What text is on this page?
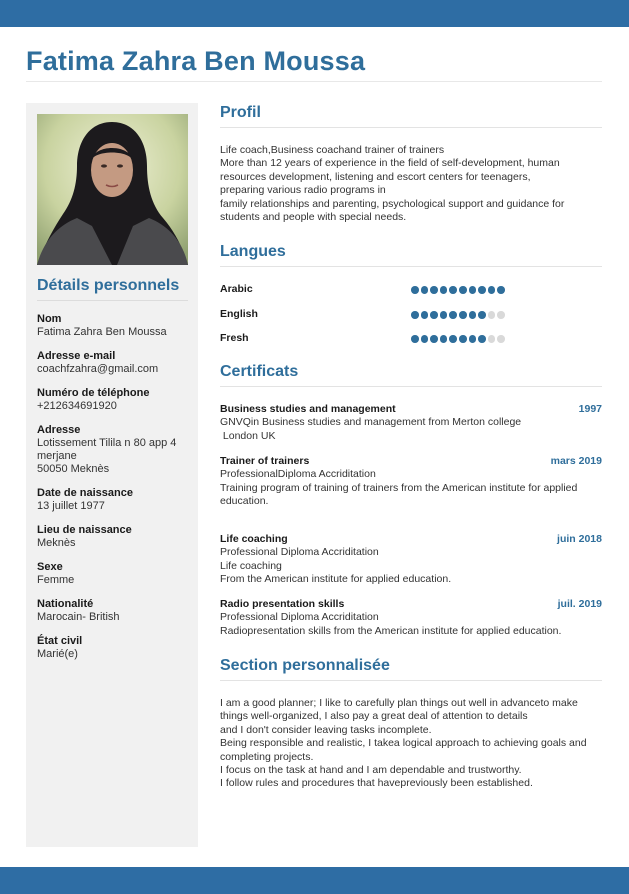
Fatima Zahra Ben Moussa
Détails personnels
Nom
Fatima Zahra Ben Moussa
Adresse e-mail
coachfzahra@gmail.com
Numéro de téléphone
+212634691920
Adresse
Lotissement Tilila n 80 app 4
merjane
50050 Meknès
Date de naissance
13 juillet 1977
Lieu de naissance
Meknès
Sexe
Femme
Nationalité
Marocain- British
État civil
Marié(e)
Profil
Life coach,Business coachand trainer of trainers
More than 12 years of experience in the field of self-development, human
resources development, listening and escort centers for teenagers,
preparing various radio programs in
family relationships and parenting, psychological support and guidance for
students and people with special needs.
Langues
Arabic
English
Fresh
Certificats
Business studies and management	1997
GNVQin Business studies and management from Merton college
London UK
Trainer of trainers	mars 2019
ProfessionalDiploma Accriditation
Training program of training of trainers from the American institute for applied
education.
Life coaching	juin 2018
Professional Diploma Accriditation
Life coaching
From the American institute for applied education.
Radio presentation skills	juil. 2019
Professional Diploma Accriditation
Radiopresentation skills from the American institute for applied education.
Section personnalisée
I am a good planner; I like to carefully plan things out well in advanceto make
things well-organized, I also pay a great deal of attention to details
and I don't consider leaving tasks incomplete.
Being responsible and realistic, I takea logical approach to achieving goals and
completing projects.
I focus on the task at hand and I am dependable and trustworthy.
I follow rules and procedures that havepreviously been established.
